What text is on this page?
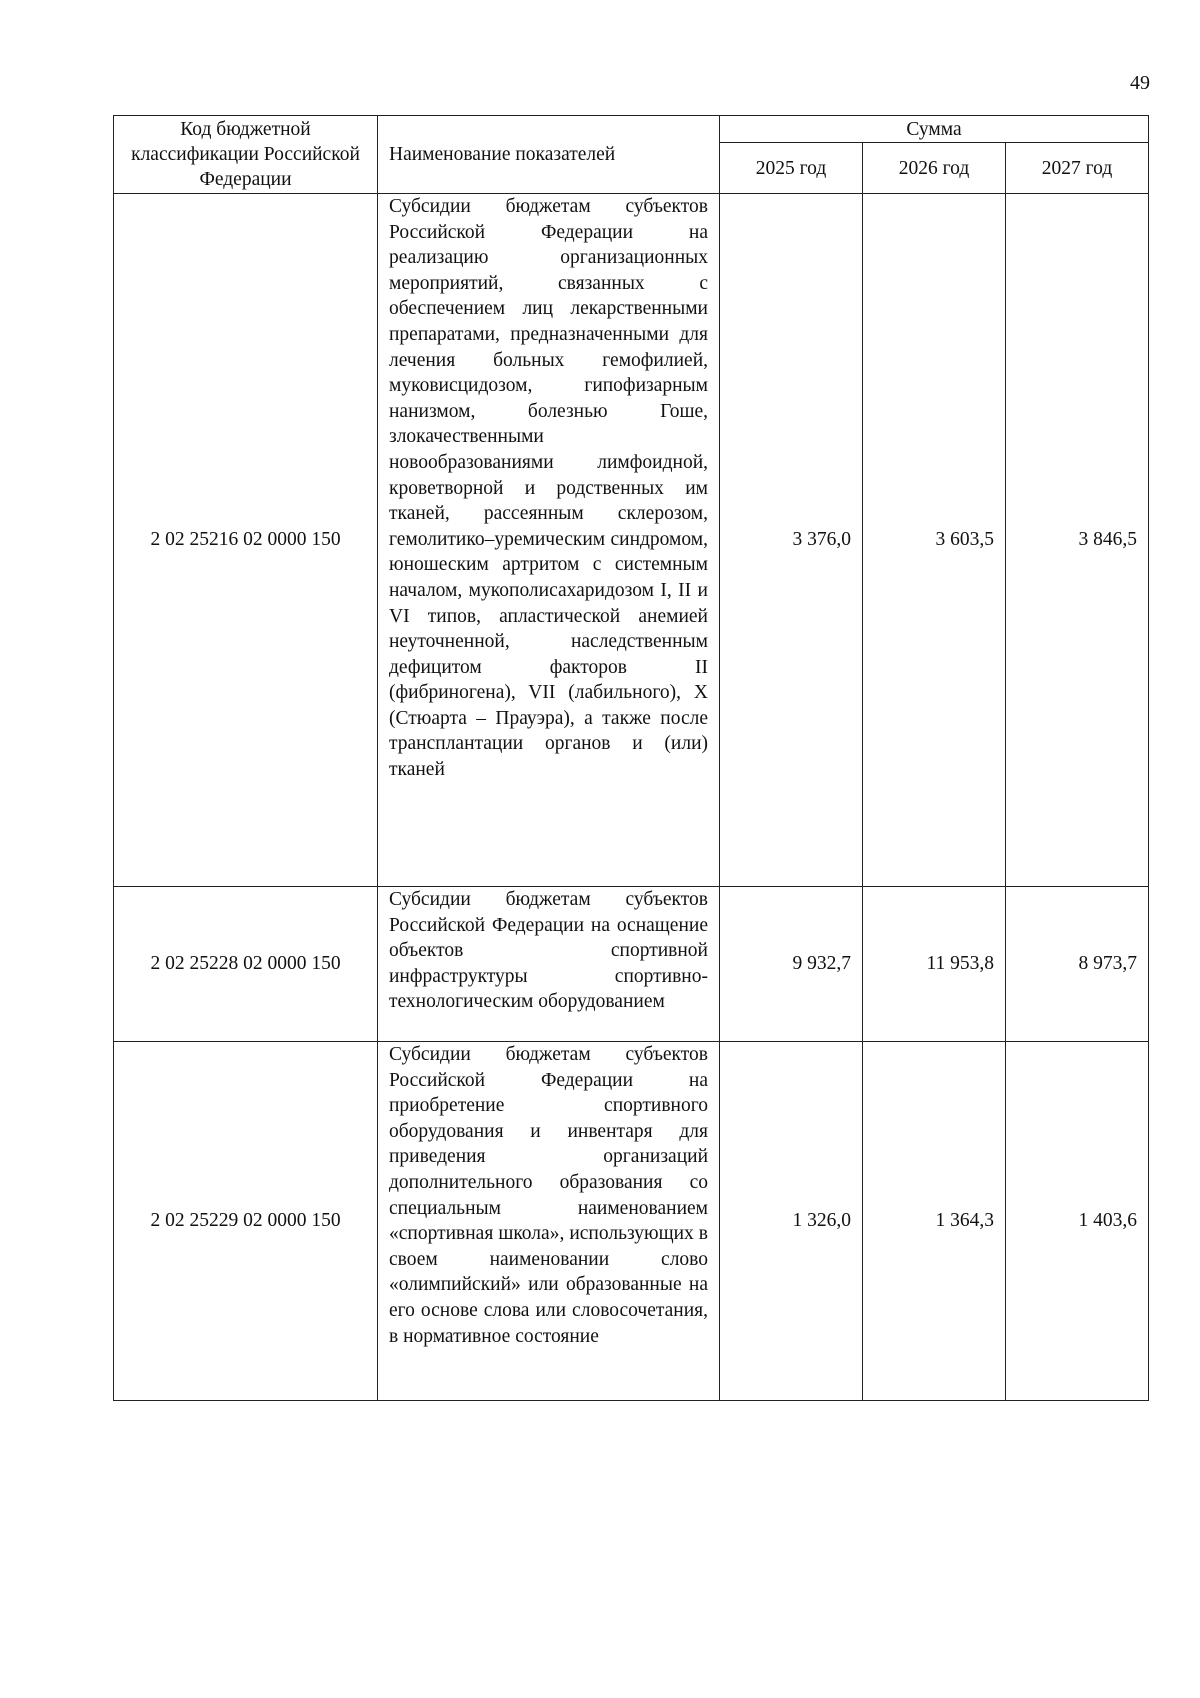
49
Код бюджетной классификации Российской Федерации	Наименование показателей	Сумма		
		2025 год	2026 год	2027 год
2 02 25216 02 0000 150	Субсидии бюджетам субъектов Российской Федерации на реализацию организационных мероприятий, связанных с обеспечением лиц лекарственными препаратами, предназначенными для лечения больных гемофилией, муковисцидозом, гипофизарным нанизмом, болезнью Гоше, злокачественными новообразованиями лимфоидной, кроветворной и родственных им тканей, рассеянным склерозом, гемолитико–уремическим синдромом, юношеским артритом с системным началом, мукополисахаридозом I, II и VI типов, апластической анемией неуточненной, наследственным дефицитом факторов II (фибриногена), VII (лабильного), X (Стюарта – Прауэра), а также после трансплантации органов и (или) тканей	3 376,0	3 603,5	3 846,5
2 02 25228 02 0000 150	Субсидии бюджетам субъектов Российской Федерации на оснащение объектов спортивной инфраструктуры спортивно-технологическим оборудованием	9 932,7	11 953,8	8 973,7
2 02 25229 02 0000 150	Субсидии бюджетам субъектов Российской Федерации на приобретение спортивного оборудования и инвентаря для приведения организаций дополнительного образования со специальным наименованием «спортивная школа», использующих в своем наименовании слово «олимпийский» или образованные на его основе слова или словосочетания, в нормативное состояние	1 326,0	1 364,3	1 403,6
